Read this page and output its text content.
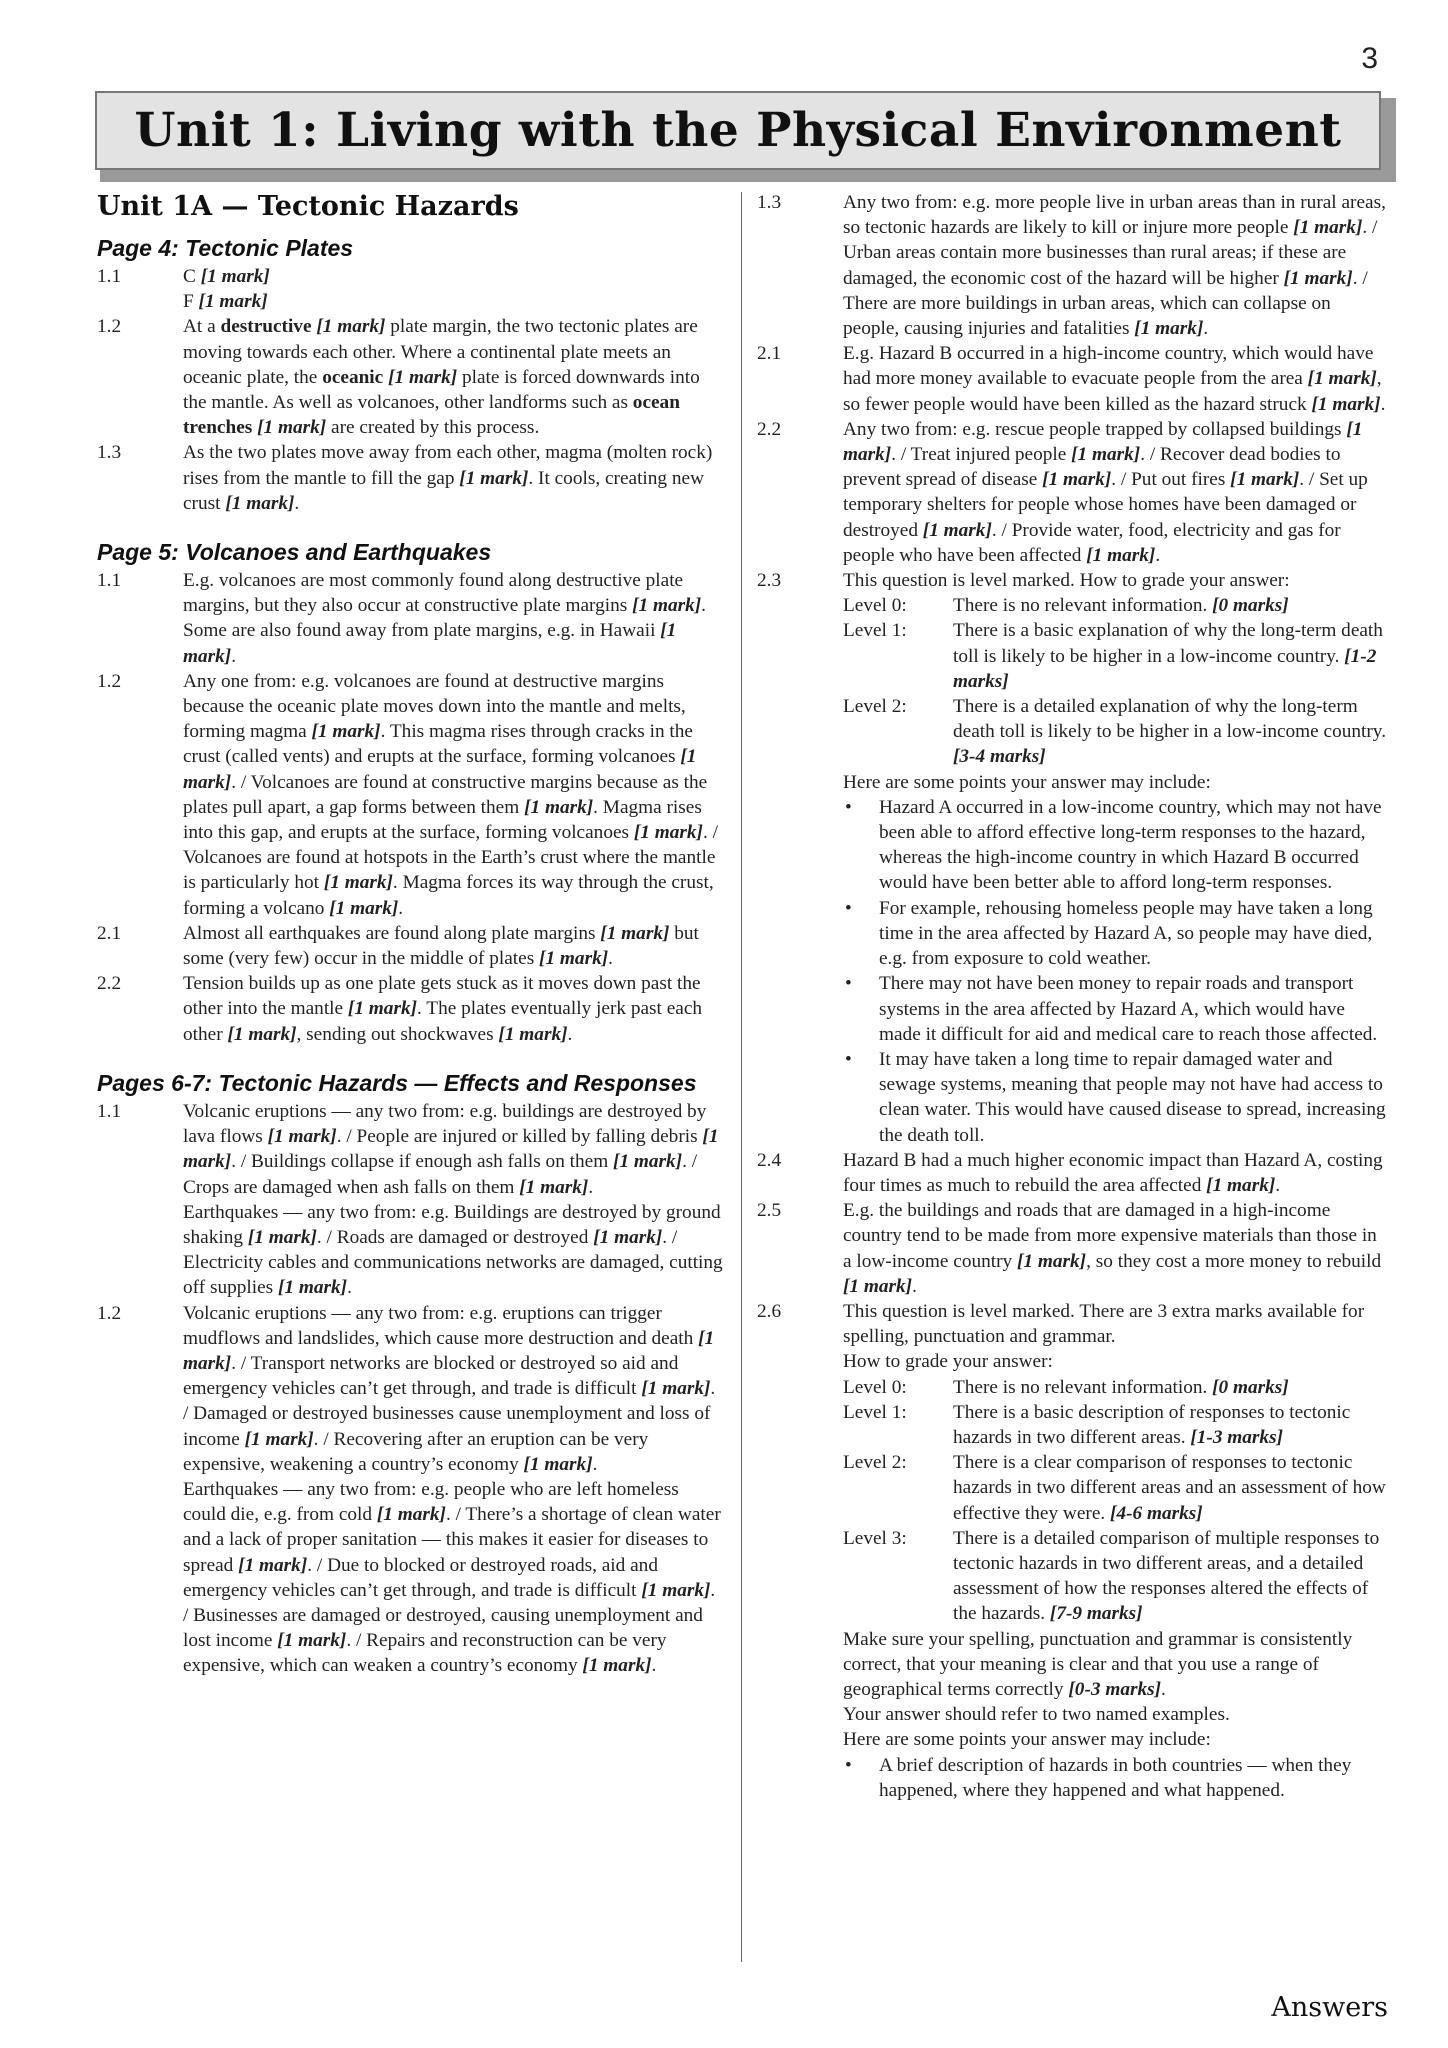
3
Unit 1: Living with the Physical Environment
Unit 1A — Tectonic Hazards
Page 4: Tectonic Plates
1.1	C [1 mark]

F [1 mark]

1.2	At a destructive [1 mark] plate margin, the two tectonic plates are moving towards each other. Where a continental plate meets an oceanic plate, the oceanic [1 mark] plate is forced downwards into the mantle. As well as volcanoes, other landforms such as ocean trenches [1 mark] are created by this process.

1.3	As the two plates move away from each other, magma (molten rock) rises from the mantle to fill the gap [1 mark]. It cools, creating new crust [1 mark].

Page 5: Volcanoes and Earthquakes
1.1	E.g. volcanoes are most commonly found along destructive plate margins, but they also occur at constructive plate margins [1 mark]. Some are also found away from plate margins, e.g. in Hawaii [1 mark].

1.2	Any one from: e.g. volcanoes are found at destructive margins because the oceanic plate moves down into the mantle and melts, forming magma [1 mark]. This magma rises through cracks in the crust (called vents) and erupts at the surface, forming volcanoes [1 mark]. / Volcanoes are found at constructive margins because as the plates pull apart, a gap forms between them [1 mark]. Magma rises into this gap, and erupts at the surface, forming volcanoes [1 mark]. / Volcanoes are found at hotspots in the Earth’s crust where the mantle is particularly hot [1 mark]. Magma forces its way through the crust, forming a volcano [1 mark].

2.1	Almost all earthquakes are found along plate margins [1 mark] but some (very few) occur in the middle of plates [1 mark].

2.2	Tension builds up as one plate gets stuck as it moves down past the other into the mantle [1 mark]. The plates eventually jerk past each other [1 mark], sending out shockwaves [1 mark].

Pages 6-7: Tectonic Hazards — Effects and Responses
1.1	Volcanic eruptions — any two from: e.g. buildings are destroyed by lava flows [1 mark]. / People are injured or killed by falling debris [1 mark]. / Buildings collapse if enough ash falls on them [1 mark]. / Crops are damaged when ash falls on them [1 mark].

Earthquakes — any two from: e.g. Buildings are destroyed by ground shaking [1 mark]. / Roads are damaged or destroyed [1 mark]. / Electricity cables and communications networks are damaged, cutting off supplies [1 mark].

1.2	Volcanic eruptions — any two from: e.g. eruptions can trigger mudflows and landslides, which cause more destruction and death [1 mark]. / Transport networks are blocked or destroyed so aid and emergency vehicles can’t get through, and trade is difficult [1 mark]. / Damaged or destroyed businesses cause unemployment and loss of income [1 mark]. / Recovering after an eruption can be very expensive, weakening a country’s economy [1 mark].

Earthquakes — any two from: e.g. people who are left homeless could die, e.g. from cold [1 mark]. / There’s a shortage of clean water and a lack of proper sanitation — this makes it easier for diseases to spread [1 mark]. / Due to blocked or destroyed roads, aid and emergency vehicles can’t get through, and trade is difficult [1 mark]. / Businesses are damaged or destroyed, causing unemployment and lost income [1 mark]. / Repairs and reconstruction can be very expensive, which can weaken a country’s economy [1 mark].

1.3	Any two from: e.g. more people live in urban areas than in rural areas, so tectonic hazards are likely to kill or injure more people [1 mark]. / Urban areas contain more businesses than rural areas; if these are damaged, the economic cost of the hazard will be higher [1 mark]. / There are more buildings in urban areas, which can collapse on people, causing injuries and fatalities [1 mark].

2.1	E.g. Hazard B occurred in a high-income country, which would have had more money available to evacuate people from the area [1 mark], so fewer people would have been killed as the hazard struck [1 mark].

2.2	Any two from: e.g. rescue people trapped by collapsed buildings [1 mark]. / Treat injured people [1 mark]. / Recover dead bodies to prevent spread of disease [1 mark]. / Put out fires [1 mark]. / Set up temporary shelters for people whose homes have been damaged or destroyed [1 mark]. / Provide water, food, electricity and gas for people who have been affected [1 mark].

2.3	This question is level marked. How to grade your answer:

Level 0:	There is no relevant information. [0 marks]
Level 1:	There is a basic explanation of why the long-term death toll is likely to be higher in a low-income country. [1-2 marks]
Level 2:	There is a detailed explanation of why the long-term death toll is likely to be higher in a low-income country. [3-4 marks]

Here are some points your answer may include:

•	Hazard A occurred in a low-income country, which may not have been able to afford effective long-term responses to the hazard, whereas the high-income country in which Hazard B occurred would have been better able to afford long-term responses.
•	For example, rehousing homeless people may have taken a long time in the area affected by Hazard A, so people may have died, e.g. from exposure to cold weather.
•	There may not have been money to repair roads and transport systems in the area affected by Hazard A, which would have made it difficult for aid and medical care to reach those affected.
•	It may have taken a long time to repair damaged water and sewage systems, meaning that people may not have had access to clean water. This would have caused disease to spread, increasing the death toll.
2.4	Hazard B had a much higher economic impact than Hazard A, costing four times as much to rebuild the area affected [1 mark].

2.5	E.g. the buildings and roads that are damaged in a high-income country tend to be made from more expensive materials than those in a low-income country [1 mark], so they cost a more money to rebuild [1 mark].

2.6	This question is level marked. There are 3 extra marks available for spelling, punctuation and grammar.

How to grade your answer:

Level 0:	There is no relevant information. [0 marks]
Level 1:	There is a basic description of responses to tectonic hazards in two different areas. [1-3 marks]
Level 2:	There is a clear comparison of responses to tectonic hazards in two different areas and an assessment of how effective they were. [4-6 marks]
Level 3:	There is a detailed comparison of multiple responses to tectonic hazards in two different areas, and a detailed assessment of how the responses altered the effects of the hazards. [7-9 marks]

Make sure your spelling, punctuation and grammar is consistently correct, that your meaning is clear and that you use a range of geographical terms correctly [0-3 marks].

Your answer should refer to two named examples.

Here are some points your answer may include:

•	A brief description of hazards in both countries — when they happened, where they happened and what happened.
Answers
